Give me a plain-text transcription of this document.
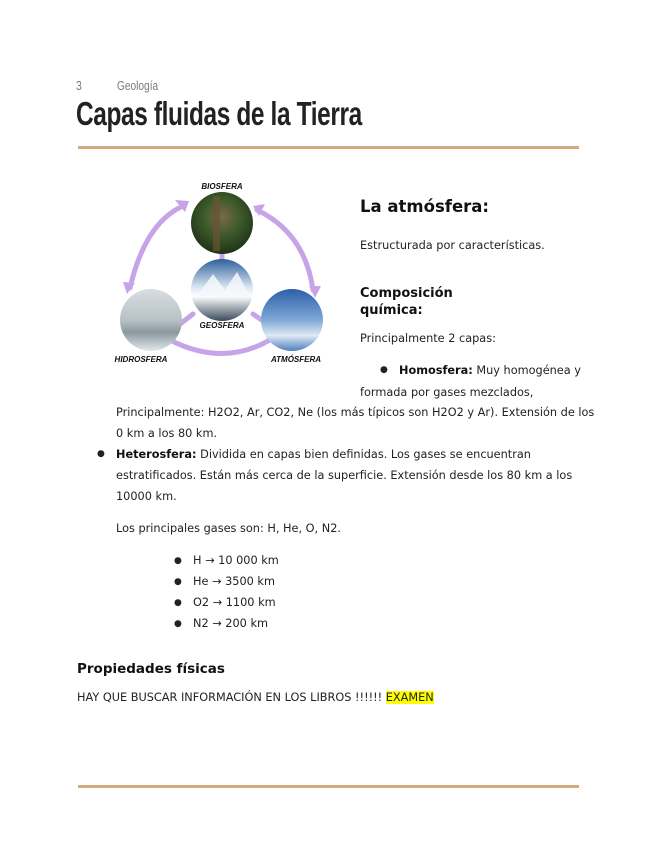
3	Geología
Capas fluidas de la Tierra
BIOSFERA
GEOSFERA
HIDROSFERA	ATMÓSFERA
La atmósfera:
Estructurada por características.
Composición química:
Principalmente 2 capas:
● Homosfera: Muy homogénea y
formada por gases mezclados,
Principalmente: H2O2, Ar, CO2, Ne (los más típicos son H2O2 y Ar). Extensión de los
0 km a los 80 km.
● Heterosfera: Dividida en capas bien definidas. Los gases se encuentran
estratificados. Están más cerca de la superficie. Extensión desde los 80 km a los
10000 km.
Los principales gases son: H, He, O, N2.
● H → 10 000 km
● He → 3500 km
● O2 → 1100 km
● N2 → 200 km
Propiedades físicas
HAY QUE BUSCAR INFORMACIÓN EN LOS LIBROS !!!!!! EXAMEN
